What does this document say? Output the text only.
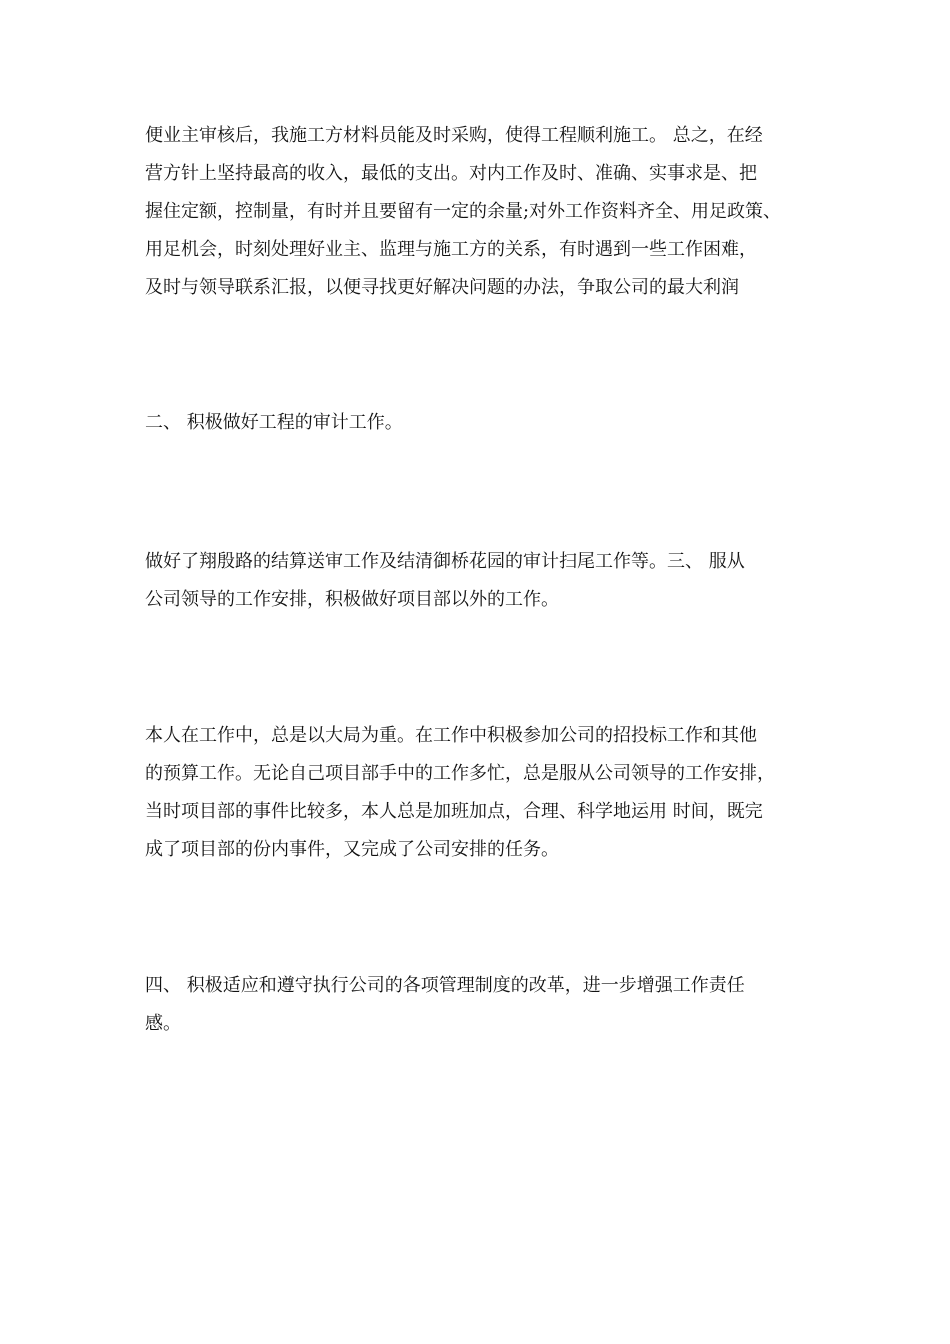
便业主审核后，我施工方材料员能及时采购，使得工程顺利施工。 总之，在经
营方针上坚持最高的收入，最低的支出。对内工作及时、准确、实事求是、把
握住定额，控制量，有时并且要留有一定的余量;对外工作资料齐全、用足政策、
用足机会，时刻处理好业主、监理与施工方的关系，有时遇到一些工作困难，
及时与领导联系汇报，以便寻找更好解决问题的办法，争取公司的最大利润
二、 积极做好工程的审计工作。
做好了翔殷路的结算送审工作及结清御桥花园的审计扫尾工作等。三、 服从
公司领导的工作安排，积极做好项目部以外的工作。
本人在工作中，总是以大局为重。在工作中积极参加公司的招投标工作和其他
的预算工作。无论自己项目部手中的工作多忙，总是服从公司领导的工作安排，
当时项目部的事件比较多，本人总是加班加点，合理、科学地运用 时间，既完
成了项目部的份内事件，又完成了公司安排的任务。
四、 积极适应和遵守执行公司的各项管理制度的改革，进一步增强工作责任
感。
